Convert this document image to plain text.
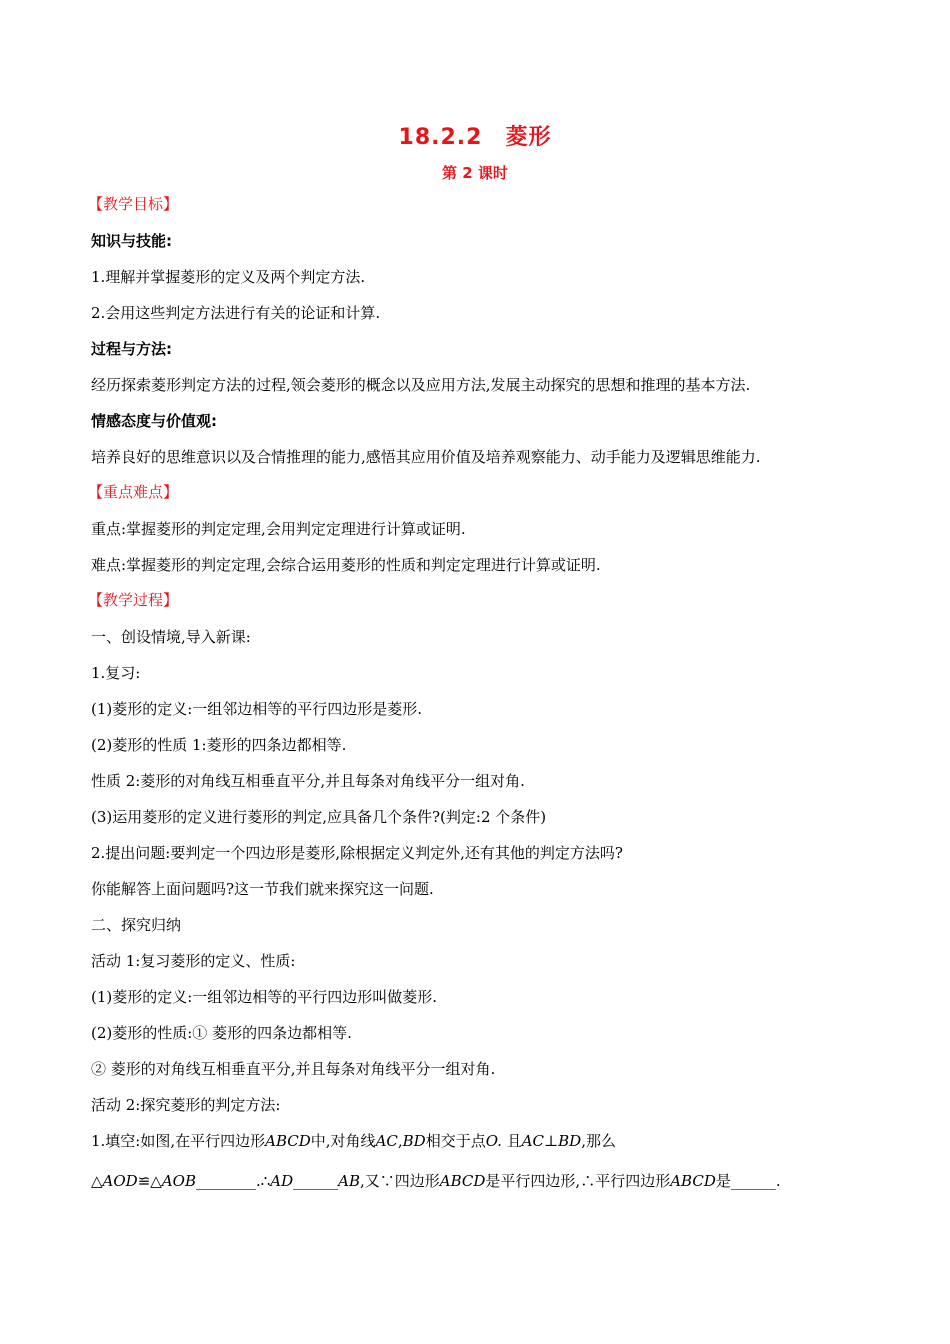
18.2.2　菱形
第 2 课时
【教学目标】
知识与技能:
1.理解并掌握菱形的定义及两个判定方法.
2.会用这些判定方法进行有关的论证和计算.
过程与方法:
经历探索菱形判定方法的过程,领会菱形的概念以及应用方法,发展主动探究的思想和推理的基本方法.
情感态度与价值观:
培养良好的思维意识以及合情推理的能力,感悟其应用价值及培养观察能力、动手能力及逻辑思维能力.
【重点难点】
重点:掌握菱形的判定定理,会用判定定理进行计算或证明.
难点:掌握菱形的判定定理,会综合运用菱形的性质和判定定理进行计算或证明.
【教学过程】
一、创设情境,导入新课:
1.复习:
(1)菱形的定义:一组邻边相等的平行四边形是菱形.
(2)菱形的性质 1:菱形的四条边都相等.
性质 2:菱形的对角线互相垂直平分,并且每条对角线平分一组对角.
(3)运用菱形的定义进行菱形的判定,应具备几个条件?(判定:2 个条件)
2.提出问题:要判定一个四边形是菱形,除根据定义判定外,还有其他的判定方法吗?
你能解答上面问题吗?这一节我们就来探究这一问题.
二、探究归纳
活动 1:复习菱形的定义、性质:
(1)菱形的定义:一组邻边相等的平行四边形叫做菱形.
(2)菱形的性质:① 菱形的四条边都相等.
② 菱形的对角线互相垂直平分,并且每条对角线平分一组对角.
活动 2:探究菱形的判定方法:
1.填空:如图,在平行四边形ABCD中,对角线AC,BD相交于点O. 且AC⊥BD,那么
△AOD≌△AOB________.∴AD______AB,又∵四边形ABCD是平行四边形,∴平行四边形ABCD是______.
